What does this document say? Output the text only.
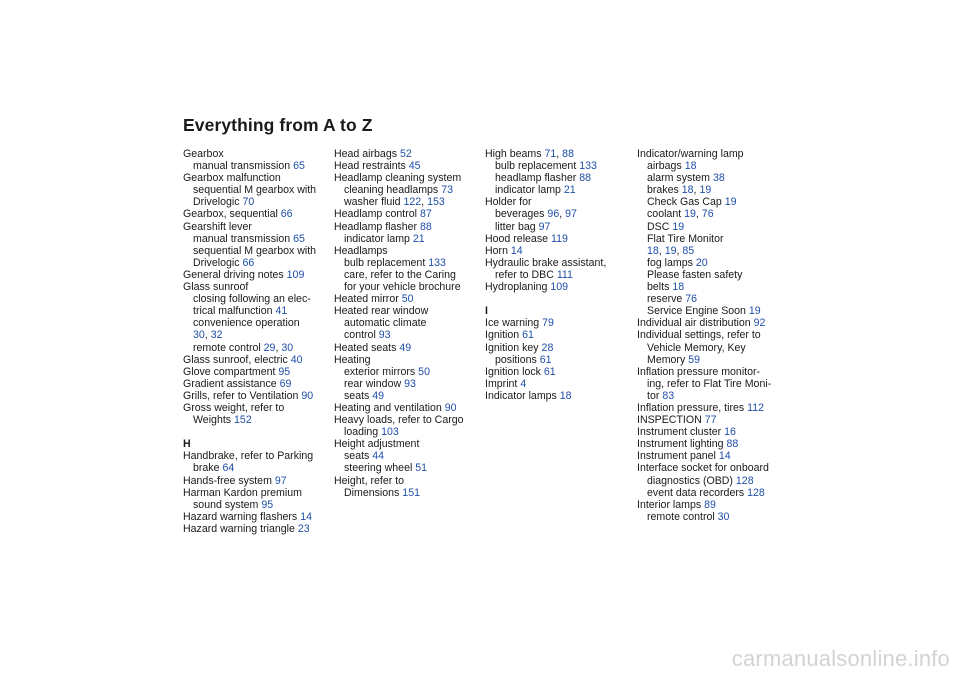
Everything from A to Z
Gearbox
manual transmission 65
Gearbox malfunction
sequential M gearbox with
Drivelogic 70
Gearbox, sequential 66
Gearshift lever
manual transmission 65
sequential M gearbox with
Drivelogic 66
General driving notes 109
Glass sunroof
closing following an elec-
trical malfunction 41
convenience operation
30, 32
remote control 29, 30
Glass sunroof, electric 40
Glove compartment 95
Gradient assistance 69
Grills, refer to Ventilation 90
Gross weight, refer to
Weights 152
H
Handbrake, refer to Parking
brake 64
Hands-free system 97
Harman Kardon premium
sound system 95
Hazard warning flashers 14
Hazard warning triangle 23
Head airbags 52
Head restraints 45
Headlamp cleaning system
cleaning headlamps 73
washer fluid 122, 153
Headlamp control 87
Headlamp flasher 88
indicator lamp 21
Headlamps
bulb replacement 133
care, refer to the Caring
for your vehicle brochure
Heated mirror 50
Heated rear window
automatic climate
control 93
Heated seats 49
Heating
exterior mirrors 50
rear window 93
seats 49
Heating and ventilation 90
Heavy loads, refer to Cargo
loading 103
Height adjustment
seats 44
steering wheel 51
Height, refer to
Dimensions 151
High beams 71, 88
bulb replacement 133
headlamp flasher 88
indicator lamp 21
Holder for
beverages 96, 97
litter bag 97
Hood release 119
Horn 14
Hydraulic brake assistant,
refer to DBC 111
Hydroplaning 109
I
Ice warning 79
Ignition 61
Ignition key 28
positions 61
Ignition lock 61
Imprint 4
Indicator lamps 18
Indicator/warning lamp
airbags 18
alarm system 38
brakes 18, 19
Check Gas Cap 19
coolant 19, 76
DSC 19
Flat Tire Monitor
18, 19, 85
fog lamps 20
Please fasten safety
belts 18
reserve 76
Service Engine Soon 19
Individual air distribution 92
Individual settings, refer to
Vehicle Memory, Key
Memory 59
Inflation pressure monitor-
ing, refer to Flat Tire Moni-
tor 83
Inflation pressure, tires 112
INSPECTION 77
Instrument cluster 16
Instrument lighting 88
Instrument panel 14
Interface socket for onboard
diagnostics (OBD) 128
event data recorders 128
Interior lamps 89
remote control 30
carmanualsonline.info
